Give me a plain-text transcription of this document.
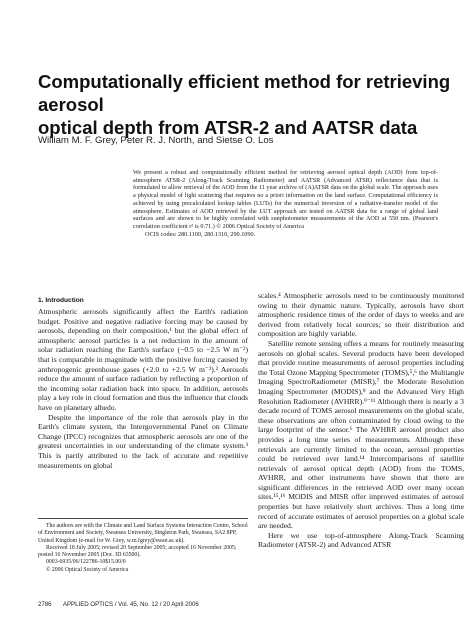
Computationally efficient method for retrieving aerosol
optical depth from ATSR-2 and AATSR data
William M. F. Grey, Peter R. J. North, and Sietse O. Los

We present a robust and computationally efficient method for retrieving aerosol optical depth (AOD) from top-of-atmosphere ATSR-2 (Along-Track Scanning Radiometer) and AATSR (Advanced ATSR) reflectance data that is formulated to allow retrieval of the AOD from the 11 year archive of (A)ATSR data on the global scale. The approach uses a physical model of light scattering that requires no a priori information on the land surface. Computational efficiency is achieved by using precalculated lookup tables (LUTs) for the numerical inversion of a radiative-transfer model of the atmosphere. Estimates of AOD retrieved by the LUT approach are tested on AATSR data for a range of global land surfaces and are shown to be highly correlated with sunphotometer measurements of the AOD at 550 nm. (Pearson's correlation coefficient r² is 0.71.) © 2006 Optical Society of America

OCIS codes: 280.1100, 280.1310, 290.1090.

1. Introduction

Atmospheric aerosols significantly affect the Earth's radiation budget. Positive and negative radiative forcing may be caused by aerosols, depending on their composition,¹ but the global effect of atmospheric aerosol particles is a net reduction in the amount of solar radiation reaching the Earth's surface (−0.5 to −2.5 W m⁻²) that is comparable in magnitude with the positive forcing caused by anthropogenic greenhouse gases (+2.0 to +2.5 W m⁻²).² Aerosols reduce the amount of surface radiation by reflecting a proportion of the incoming solar radiation back into space. In addition, aerosols play a key role in cloud formation and thus the influence that clouds have on planetary albedo.

Despite the importance of the role that aerosols play in the Earth's climate system, the Intergovernmental Panel on Climate Change (IPCC) recognizes that atmospheric aerosols are one of the greatest uncertainties in our understanding of the climate system.³ This is partly attributed to the lack of accurate and repetitive measurements on global

scales.⁴ Atmospheric aerosols need to be continuously monitored owing to their dynamic nature. Typically, aerosols have short atmospheric residence times of the order of days to weeks and are derived from relatively local sources; so their distribution and composition are highly variable.

Satellite remote sensing offers a means for routinely measuring aerosols on global scales. Several products have been developed that provide routine measurements of aerosol properties including the Total Ozone Mapping Spectrometer (TOMS),⁵,⁶ the Multiangle Imaging SpectroRadiometer (MISR),⁷ the Moderate Resolution Imaging Spectrometer (MODIS),⁸ and the Advanced Very High Resolution Radiometer (AVHRR).⁹⁻¹¹ Although there is nearly a 3 decade record of TOMS aerosol measurements on the global scale, these observations are often contaminated by cloud owing to the large footprint of the sensor.⁶ The AVHRR aerosol product also provides a long time series of measurements. Although these retrievals are currently limited to the ocean, aerosol properties could be retrieved over land.¹⁴ Intercomparisons of satellite retrievals of aerosol optical depth (AOD) from the TOMS, AVHRR, and other instruments have shown that there are significant differences in the retrieved AOD over many ocean sites.¹⁵,¹⁶ MODIS and MISR offer improved estimates of aerosol properties but have relatively short archives. Thus a long time record of accurate estimates of aerosol properties on a global scale are needed.

Here we use top-of-atmosphere Along-Track Scanning Radiometer (ATSR-2) and Advanced ATSR

The authors are with the Climate and Land Surface Systems Interaction Centre, School of Environment and Society, Swansea University, Singleton Park, Swansea, SA2 8PP, United Kingdom (e-mail for W. Grey, w.m.fgrey@swan.ac.uk).

Received 18 July 2005; revised 20 September 2005; accepted 16 November 2005; posted 16 November 2005 (Doc. ID 63500).

0003-6935/06/122786-10$15.00/0

© 2006 Optical Society of America

2786 APPLIED OPTICS / Vol. 45, No. 12 / 20 April 2006
